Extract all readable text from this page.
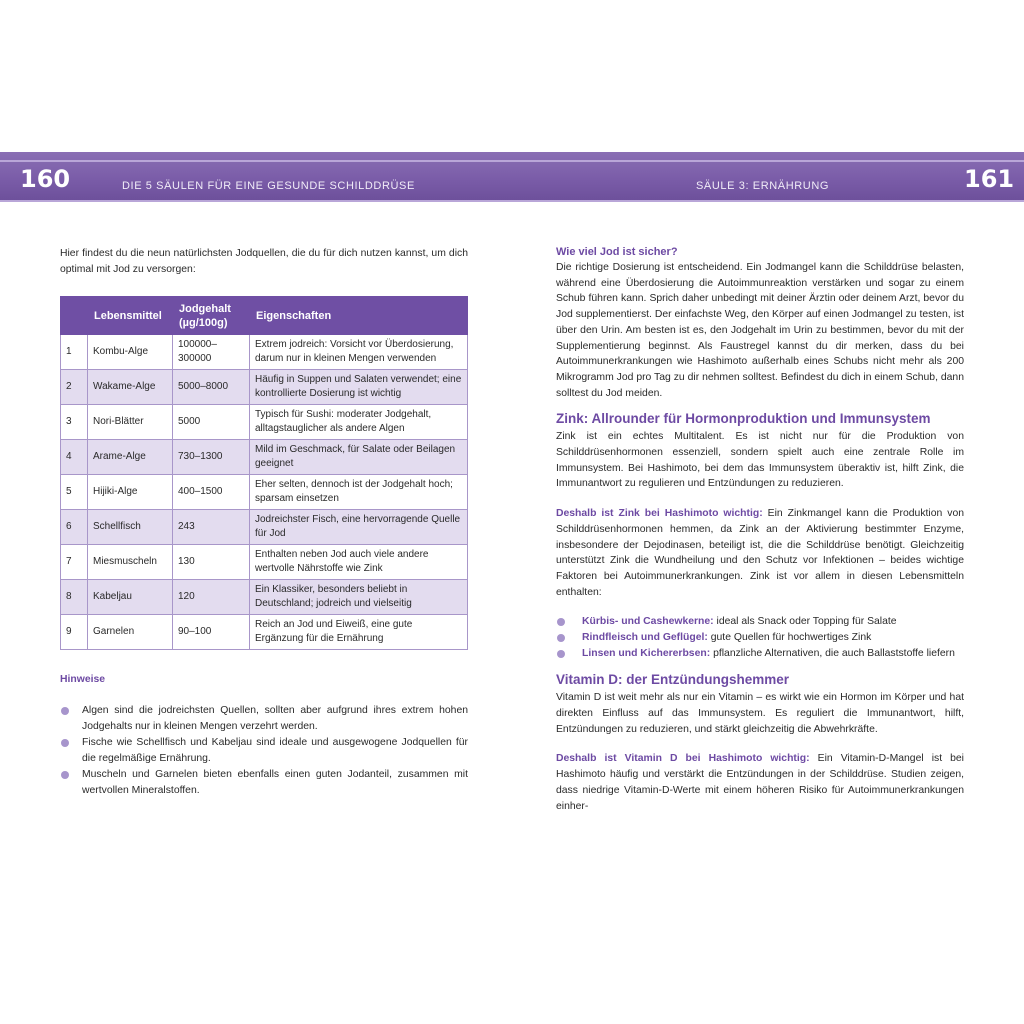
160	DIE 5 SÄULEN FÜR EINE GESUNDE SCHILDDRÜSE	SÄULE 3: ERNÄHRUNG	161

Hier findest du die neun natürlichsten Jodquellen, die du für dich nutzen kannst, um dich optimal mit Jod zu versorgen:

	Lebensmittel	Jodgehalt (µg/100g)	Eigenschaften
1	Kombu-Alge	100000–300000	Extrem jodreich: Vorsicht vor Überdosierung, darum nur in kleinen Mengen verwenden
2	Wakame-Alge	5000–8000	Häufig in Suppen und Salaten verwendet; eine kontrollierte Dosierung ist wichtig
3	Nori-Blätter	5000	Typisch für Sushi: moderater Jodgehalt, alltagstauglicher als andere Algen
4	Arame-Alge	730–1300	Mild im Geschmack, für Salate oder Beilagen geeignet
5	Hijiki-Alge	400–1500	Eher selten, dennoch ist der Jodgehalt hoch; sparsam einsetzen
6	Schellfisch	243	Jodreichster Fisch, eine hervorragende Quelle für Jod
7	Miesmuscheln	130	Enthalten neben Jod auch viele andere wertvolle Nährstoffe wie Zink
8	Kabeljau	120	Ein Klassiker, besonders beliebt in Deutschland; jodreich und vielseitig
9	Garnelen	90–100	Reich an Jod und Eiweiß, eine gute Ergänzung für die Ernährung
Hinweise
Algen sind die jodreichsten Quellen, sollten aber aufgrund ihres extrem hohen Jodgehalts nur in kleinen Mengen verzehrt werden.
Fische wie Schellfisch und Kabeljau sind ideale und ausgewogene Jodquellen für die regelmäßige Ernährung.
Muscheln und Garnelen bieten ebenfalls einen guten Jodanteil, zusammen mit wertvollen Mineralstoffen.
Wie viel Jod ist sicher?

Die richtige Dosierung ist entscheidend. Ein Jodmangel kann die Schilddrüse belasten, während eine Überdosierung die Autoimmunreaktion verstärken und sogar zu einem Schub führen kann. Sprich daher unbedingt mit deiner Ärztin oder deinem Arzt, bevor du Jod supplementierst. Der einfachste Weg, den Körper auf einen Jodmangel zu testen, ist über den Urin. Am besten ist es, den Jodgehalt im Urin zu bestimmen, bevor du mit der Supplementierung beginnst. Als Faustregel kannst du dir merken, dass du bei Autoimmunerkrankungen wie Hashimoto außerhalb eines Schubs nicht mehr als 200 Mikrogramm Jod pro Tag zu dir nehmen solltest. Befindest du dich in einem Schub, dann solltest du Jod meiden.

Zink: Allrounder für Hormonproduktion und Immunsystem

Zink ist ein echtes Multitalent. Es ist nicht nur für die Produktion von Schilddrüsenhormonen essenziell, sondern spielt auch eine zentrale Rolle im Immunsystem. Bei Hashimoto, bei dem das Immunsystem überaktiv ist, hilft Zink, die Immunantwort zu regulieren und Entzündungen zu reduzieren.

Deshalb ist Zink bei Hashimoto wichtig: Ein Zinkmangel kann die Produktion von Schilddrüsenhormonen hemmen, da Zink an der Aktivierung bestimmter Enzyme, insbesondere der Dejodinasen, beteiligt ist, die die Schilddrüse benötigt. Gleichzeitig unterstützt Zink die Wundheilung und den Schutz vor Infektionen – beides wichtige Faktoren bei Autoimmunerkrankungen. Zink ist vor allem in diesen Lebensmitteln enthalten:

Kürbis- und Cashewkerne: ideal als Snack oder Topping für Salate
Rindfleisch und Geflügel: gute Quellen für hochwertiges Zink
Linsen und Kichererbsen: pflanzliche Alternativen, die auch Ballaststoffe liefern
Vitamin D: der Entzündungshemmer

Vitamin D ist weit mehr als nur ein Vitamin – es wirkt wie ein Hormon im Körper und hat direkten Einfluss auf das Immunsystem. Es reguliert die Immunantwort, hilft, Entzündungen zu reduzieren, und stärkt gleichzeitig die Abwehrkräfte.

Deshalb ist Vitamin D bei Hashimoto wichtig: Ein Vitamin-D-Mangel ist bei Hashimoto häufig und verstärkt die Entzündungen in der Schilddrüse. Studien zeigen, dass niedrige Vitamin-D-Werte mit einem höheren Risiko für Autoimmunerkrankungen einher-
